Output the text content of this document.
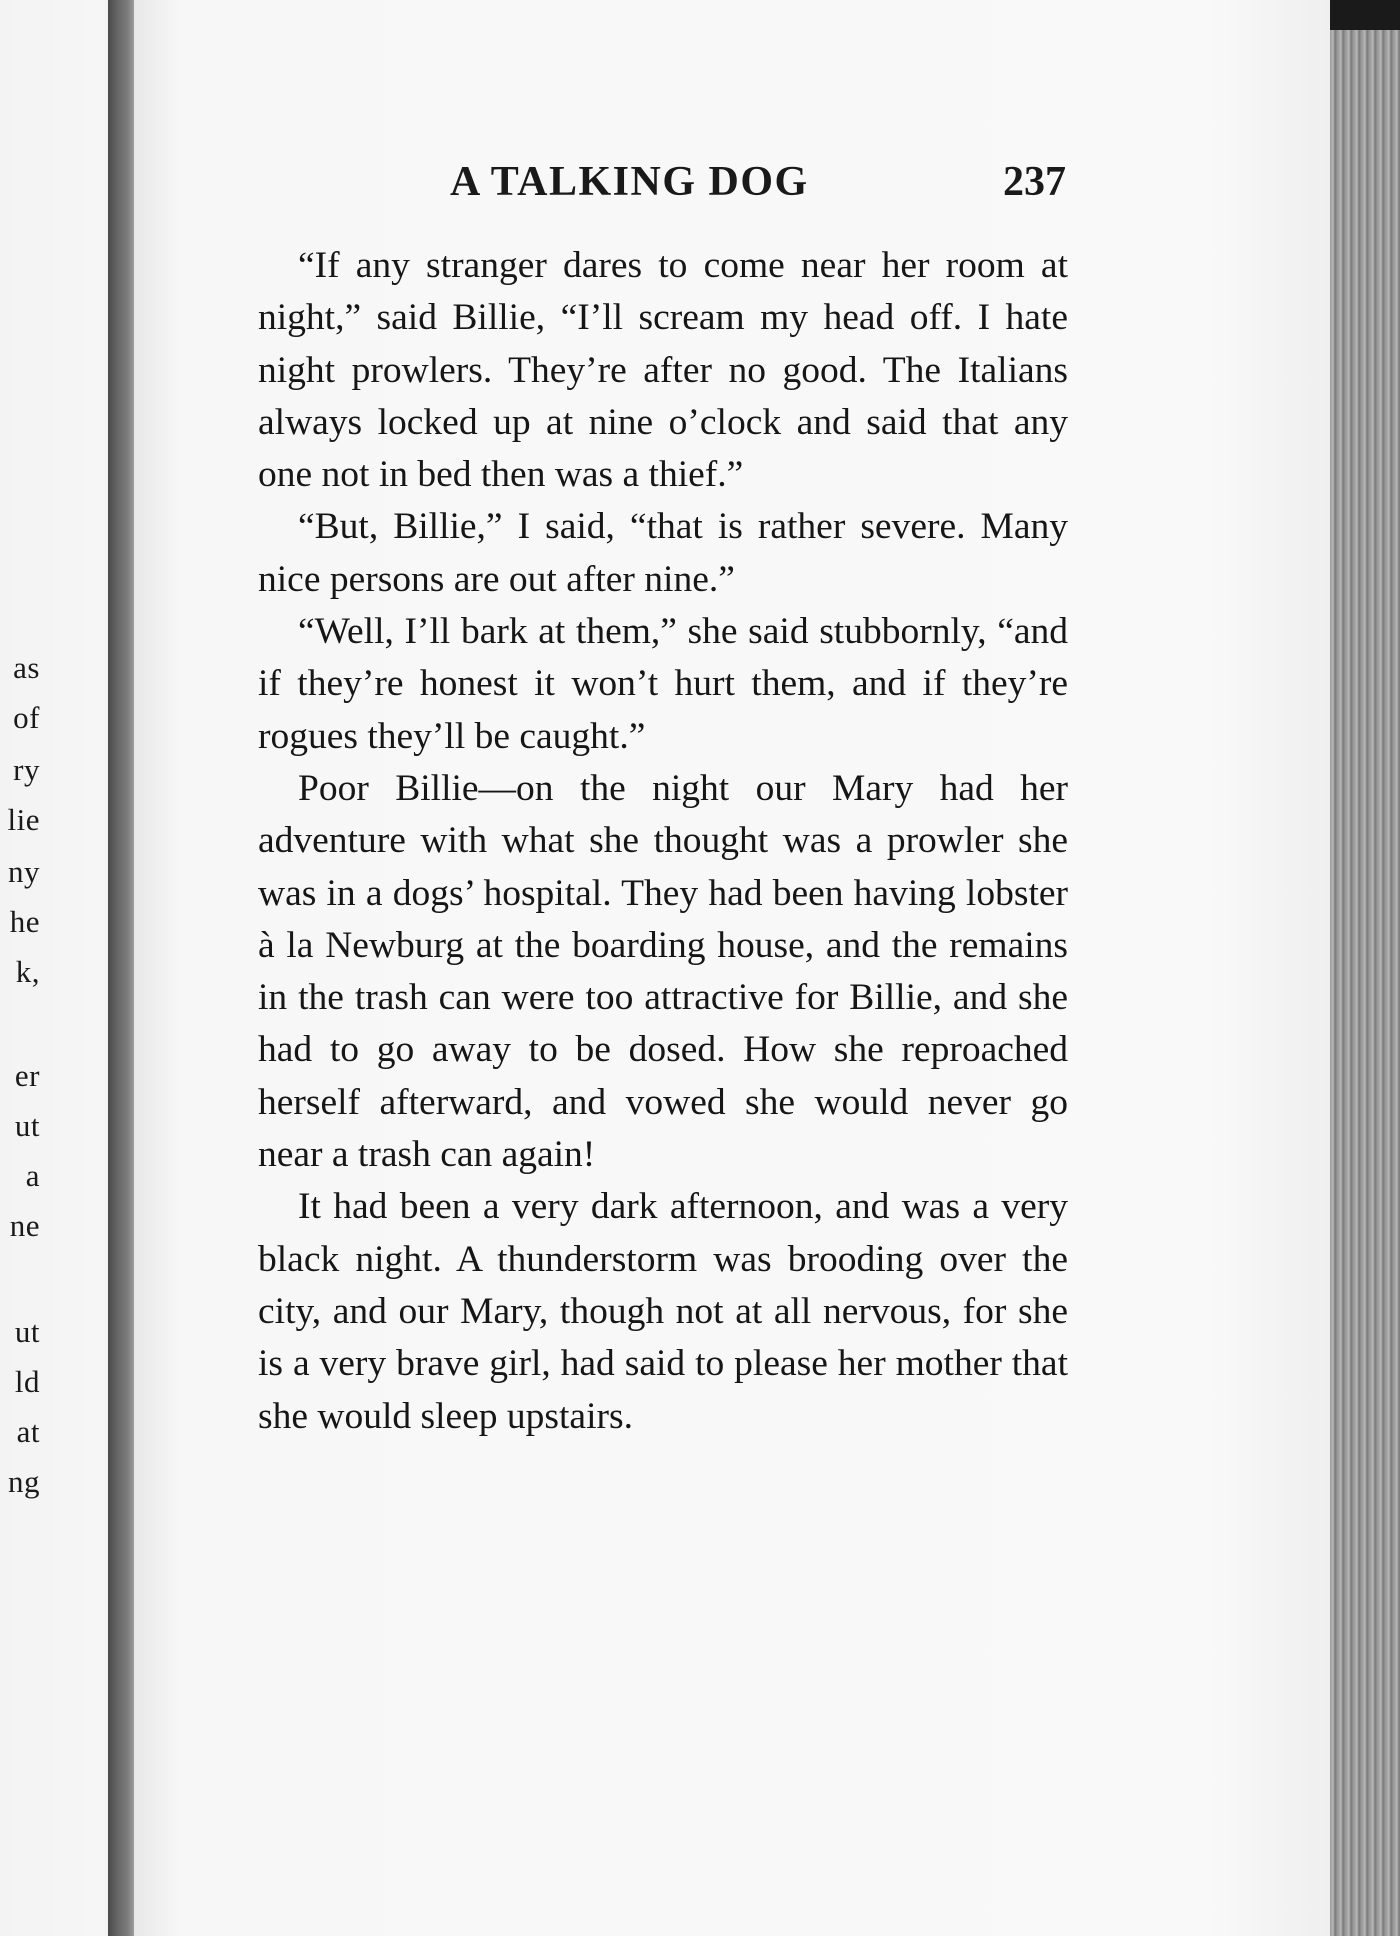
as
of
ry
lie
ny
he
k,
er
ut
a
ne
ut
ld
at
ng
A TALKING DOG	237

“If any stranger dares to come near her room at night,” said Billie, “I’ll scream my head off. I hate night prowlers. They’re after no good. The Italians always locked up at nine o’clock and said that any one not in bed then was a thief.”

“But, Billie,” I said, “that is rather severe. Many nice persons are out after nine.”

“Well, I’ll bark at them,” she said stubbornly, “and if they’re honest it won’t hurt them, and if they’re rogues they’ll be caught.”

Poor Billie—on the night our Mary had her adventure with what she thought was a prowler she was in a dogs’ hospital. They had been having lobster à la Newburg at the boarding house, and the remains in the trash can were too attractive for Billie, and she had to go away to be dosed. How she reproached herself afterward, and vowed she would never go near a trash can again!

It had been a very dark afternoon, and was a very black night. A thunderstorm was brooding over the city, and our Mary, though not at all nervous, for she is a very brave girl, had said to please her mother that she would sleep upstairs.
